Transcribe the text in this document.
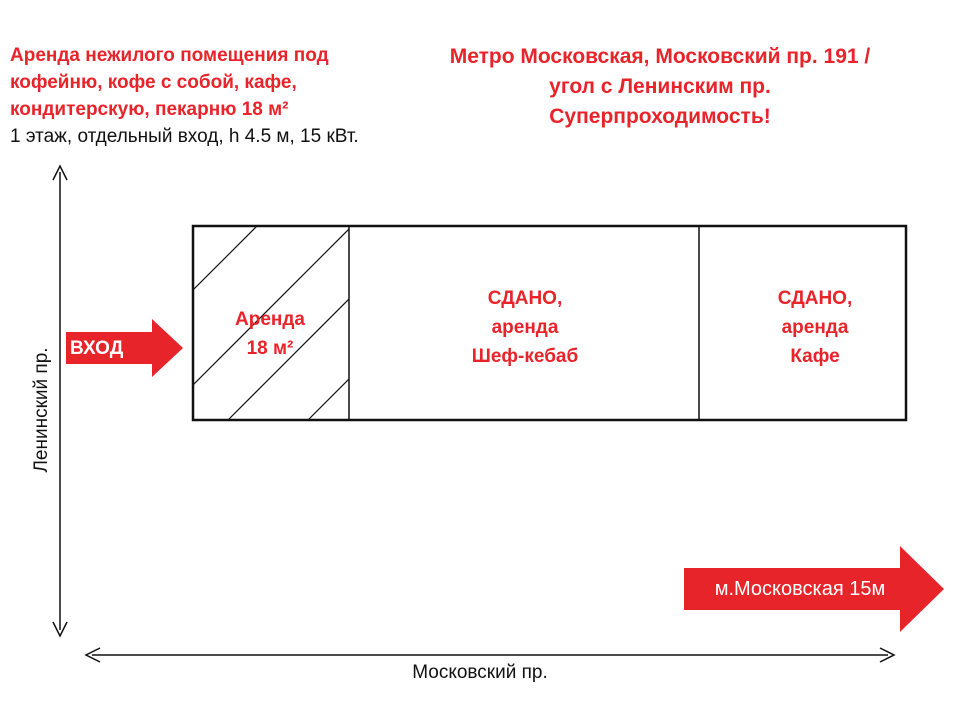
Аренда нежилого помещения под
кофейню, кофе с собой, кафе,
кондитерскую, пекарню 18 м²
1 этаж, отдельный вход, h 4.5 м, 15 кВт.
Метро Московская, Московский пр. 191 /
угол с Ленинским пр.
Суперпроходимость!
ВХОД
Аренда
18 м²
СДАНО,
аренда
Шеф-кебаб
СДАНО,
аренда
Кафе
м.Московская 15м
Ленинский пр.
Московский пр.
